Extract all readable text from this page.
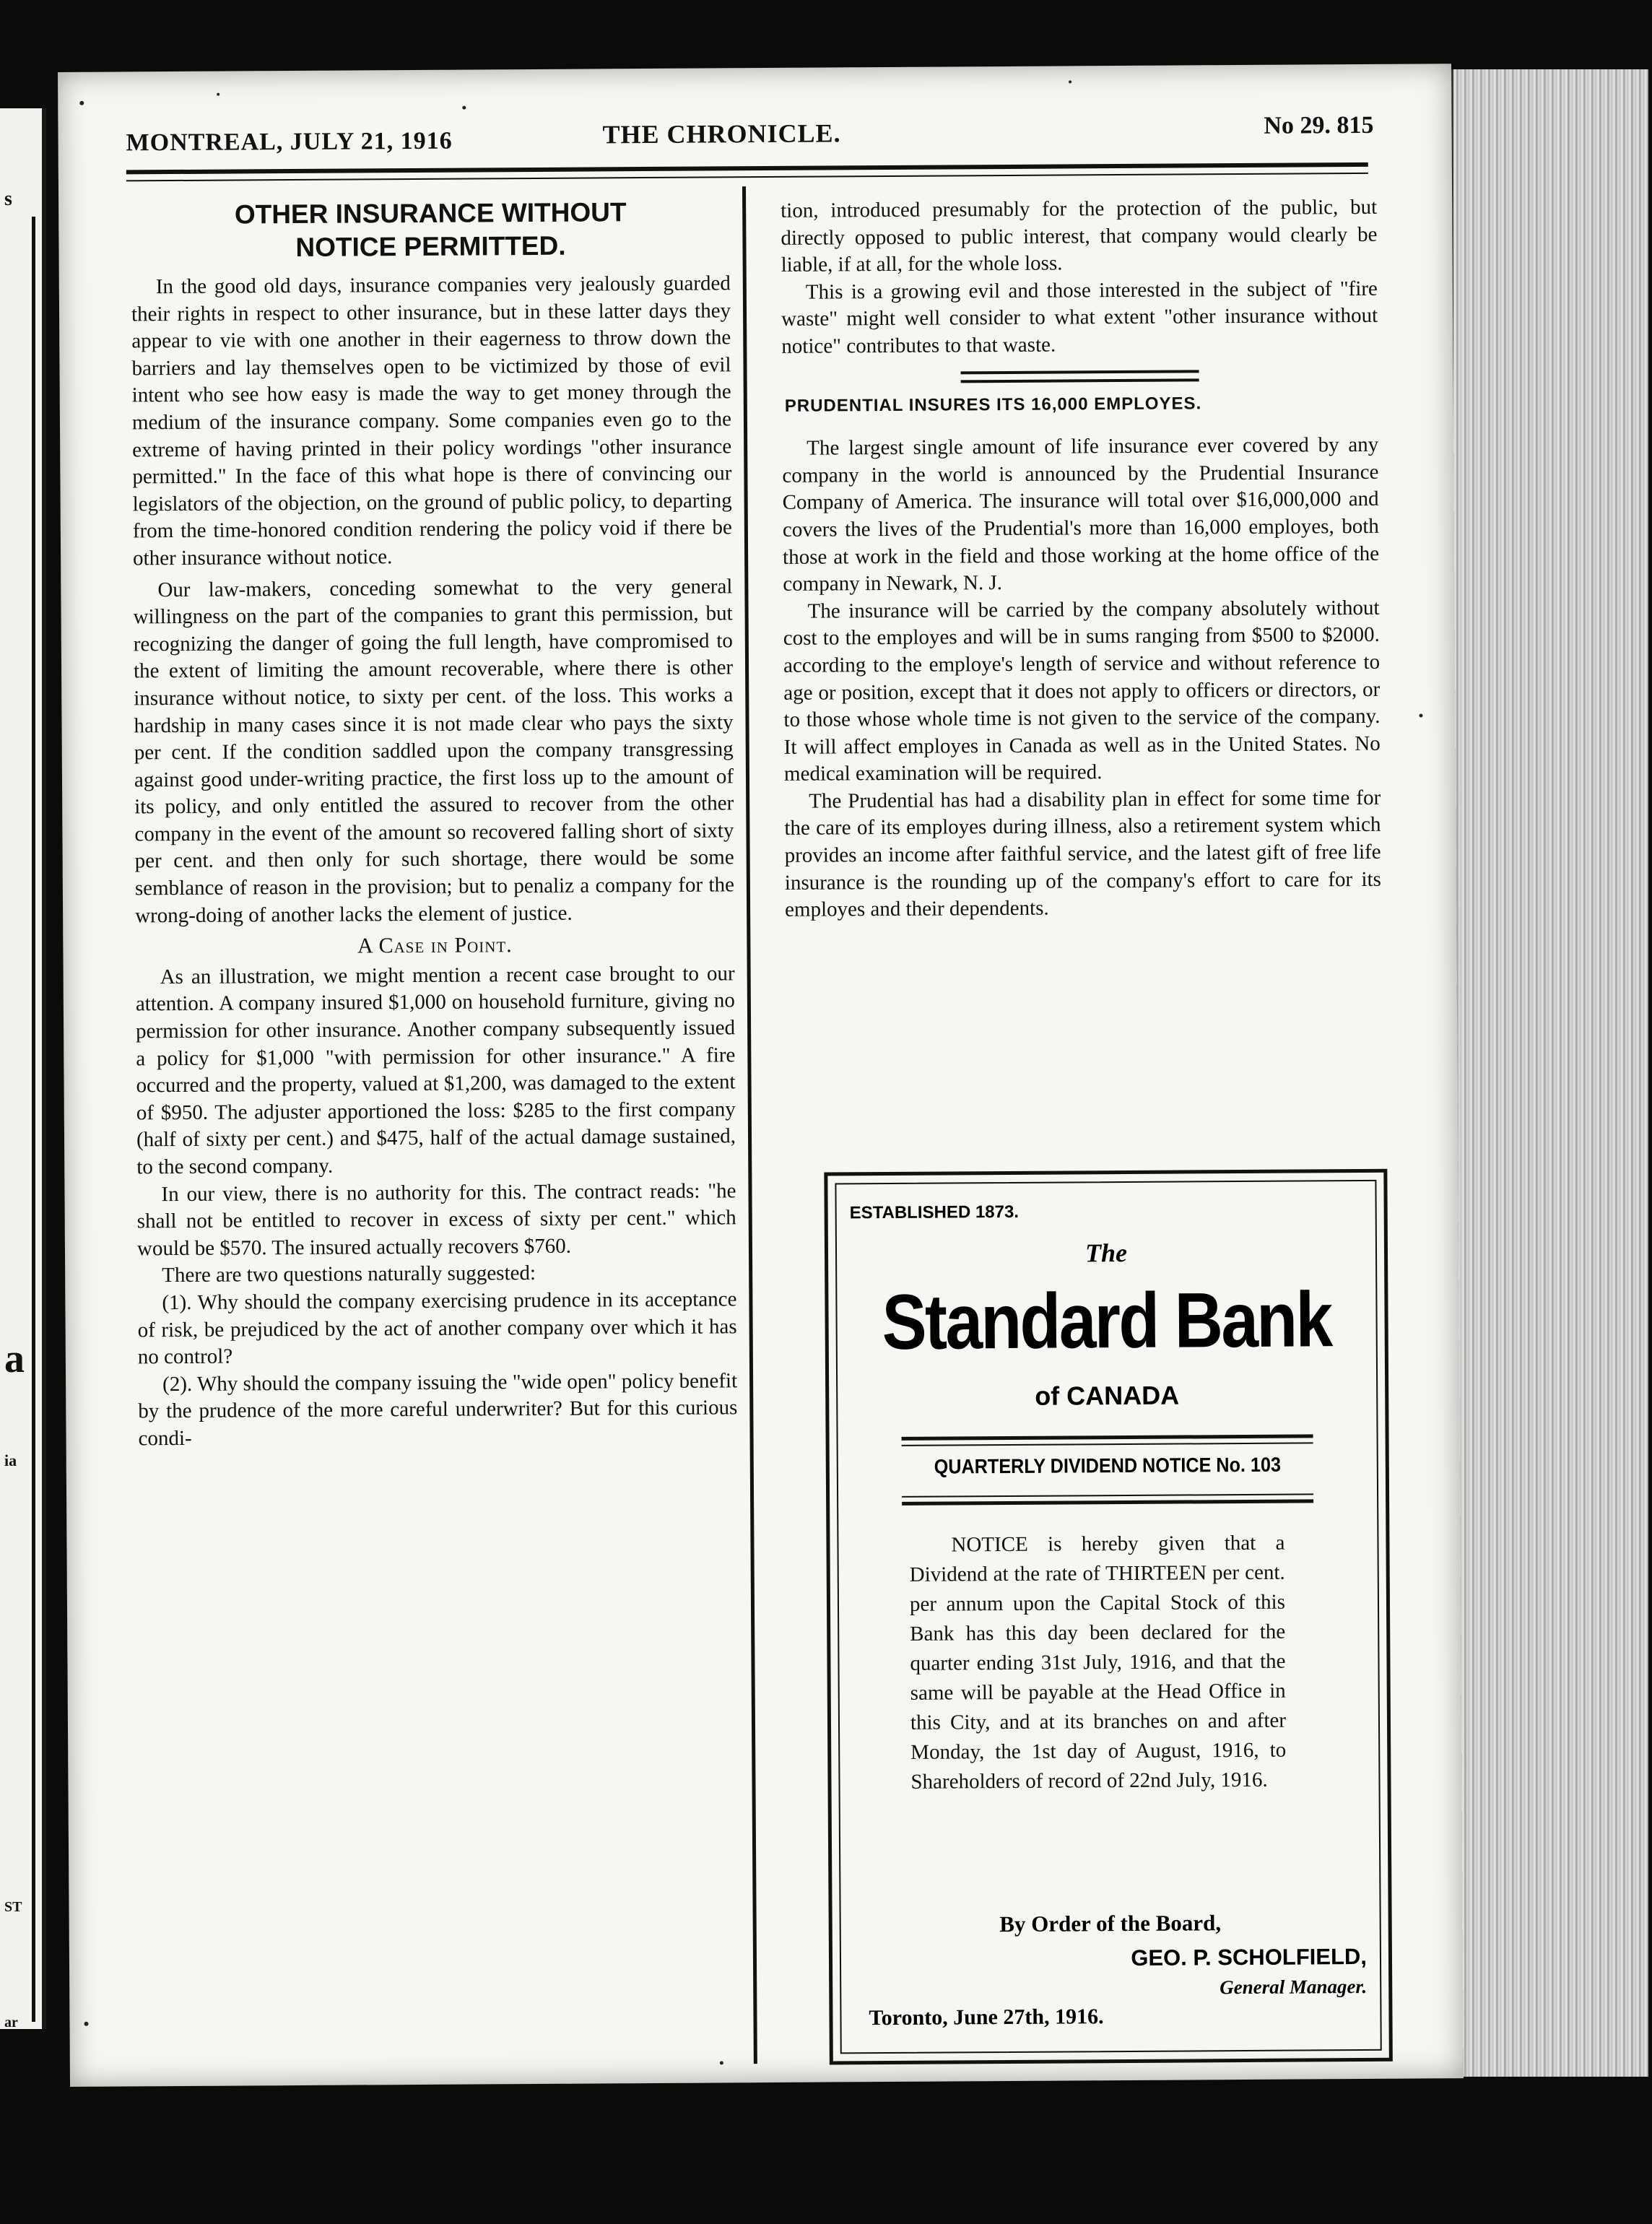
s
a
ia
ST
ar
MONTREAL, JULY 21, 1916	THE CHRONICLE.	No 29. 815
OTHER INSURANCE WITHOUT
NOTICE PERMITTED.

In the good old days, insurance companies very jealously guarded their rights in respect to other insurance, but in these latter days they appear to vie with one another in their eagerness to throw down the barriers and lay themselves open to be victimized by those of evil intent who see how easy is made the way to get money through the medium of the insurance company. Some companies even go to the extreme of having printed in their policy wordings "other insurance permitted." In the face of this what hope is there of convincing our legislators of the objection, on the ground of public policy, to departing from the time-honored condition rendering the policy void if there be other insurance without notice.

Our law-makers, conceding somewhat to the very general willingness on the part of the companies to grant this permission, but recognizing the danger of going the full length, have compromised to the extent of limiting the amount recoverable, where there is other insurance without notice, to sixty per cent. of the loss. This works a hardship in many cases since it is not made clear who pays the sixty per cent. If the condition saddled upon the company transgressing against good under-writing practice, the first loss up to the amount of its policy, and only entitled the assured to recover from the other company in the event of the amount so recovered falling short of sixty per cent. and then only for such shortage, there would be some semblance of reason in the provision; but to penaliz a company for the wrong-doing of another lacks the element of justice.

A Case in Point.

As an illustration, we might mention a recent case brought to our attention. A company insured $1,000 on household furniture, giving no permission for other insurance. Another company subsequently issued a policy for $1,000 "with permission for other insurance." A fire occurred and the property, valued at $1,200, was damaged to the extent of $950. The adjuster apportioned the loss: $285 to the first company (half of sixty per cent.) and $475, half of the actual damage sustained, to the second company.

In our view, there is no authority for this. The contract reads: "he shall not be entitled to recover in excess of sixty per cent." which would be $570. The insured actually recovers $760.

There are two questions naturally suggested:

(1). Why should the company exercising prudence in its acceptance of risk, be prejudiced by the act of another company over which it has no control?

(2). Why should the company issuing the "wide open" policy benefit by the prudence of the more careful underwriter? But for this curious condi-

tion, introduced presumably for the protection of the public, but directly opposed to public interest, that company would clearly be liable, if at all, for the whole loss.

This is a growing evil and those interested in the subject of "fire waste" might well consider to what extent "other insurance without notice" contributes to that waste.

PRUDENTIAL INSURES ITS 16,000 EMPLOYES.

The largest single amount of life insurance ever covered by any company in the world is announced by the Prudential Insurance Company of America. The insurance will total over $16,000,000 and covers the lives of the Prudential's more than 16,000 employes, both those at work in the field and those working at the home office of the company in Newark, N. J.

The insurance will be carried by the company absolutely without cost to the employes and will be in sums ranging from $500 to $2000. according to the employe's length of service and without reference to age or position, except that it does not apply to officers or directors, or to those whose whole time is not given to the service of the company. It will affect employes in Canada as well as in the United States. No medical examination will be required.

The Prudential has had a disability plan in effect for some time for the care of its employes during illness, also a retirement system which provides an income after faithful service, and the latest gift of free life insurance is the rounding up of the company's effort to care for its employes and their dependents.

ESTABLISHED 1873.
The
Standard Bank
of CANADA
QUARTERLY DIVIDEND NOTICE No. 103
NOTICE is hereby given that a Dividend at the rate of THIRTEEN per cent. per annum upon the Capital Stock of this Bank has this day been declared for the quarter ending 31st July, 1916, and that the same will be payable at the Head Office in this City, and at its branches on and after Monday, the 1st day of August, 1916, to Shareholders of record of 22nd July, 1916.
By Order of the Board,
GEO. P. SCHOLFIELD,
General Manager.
Toronto, June 27th, 1916.
